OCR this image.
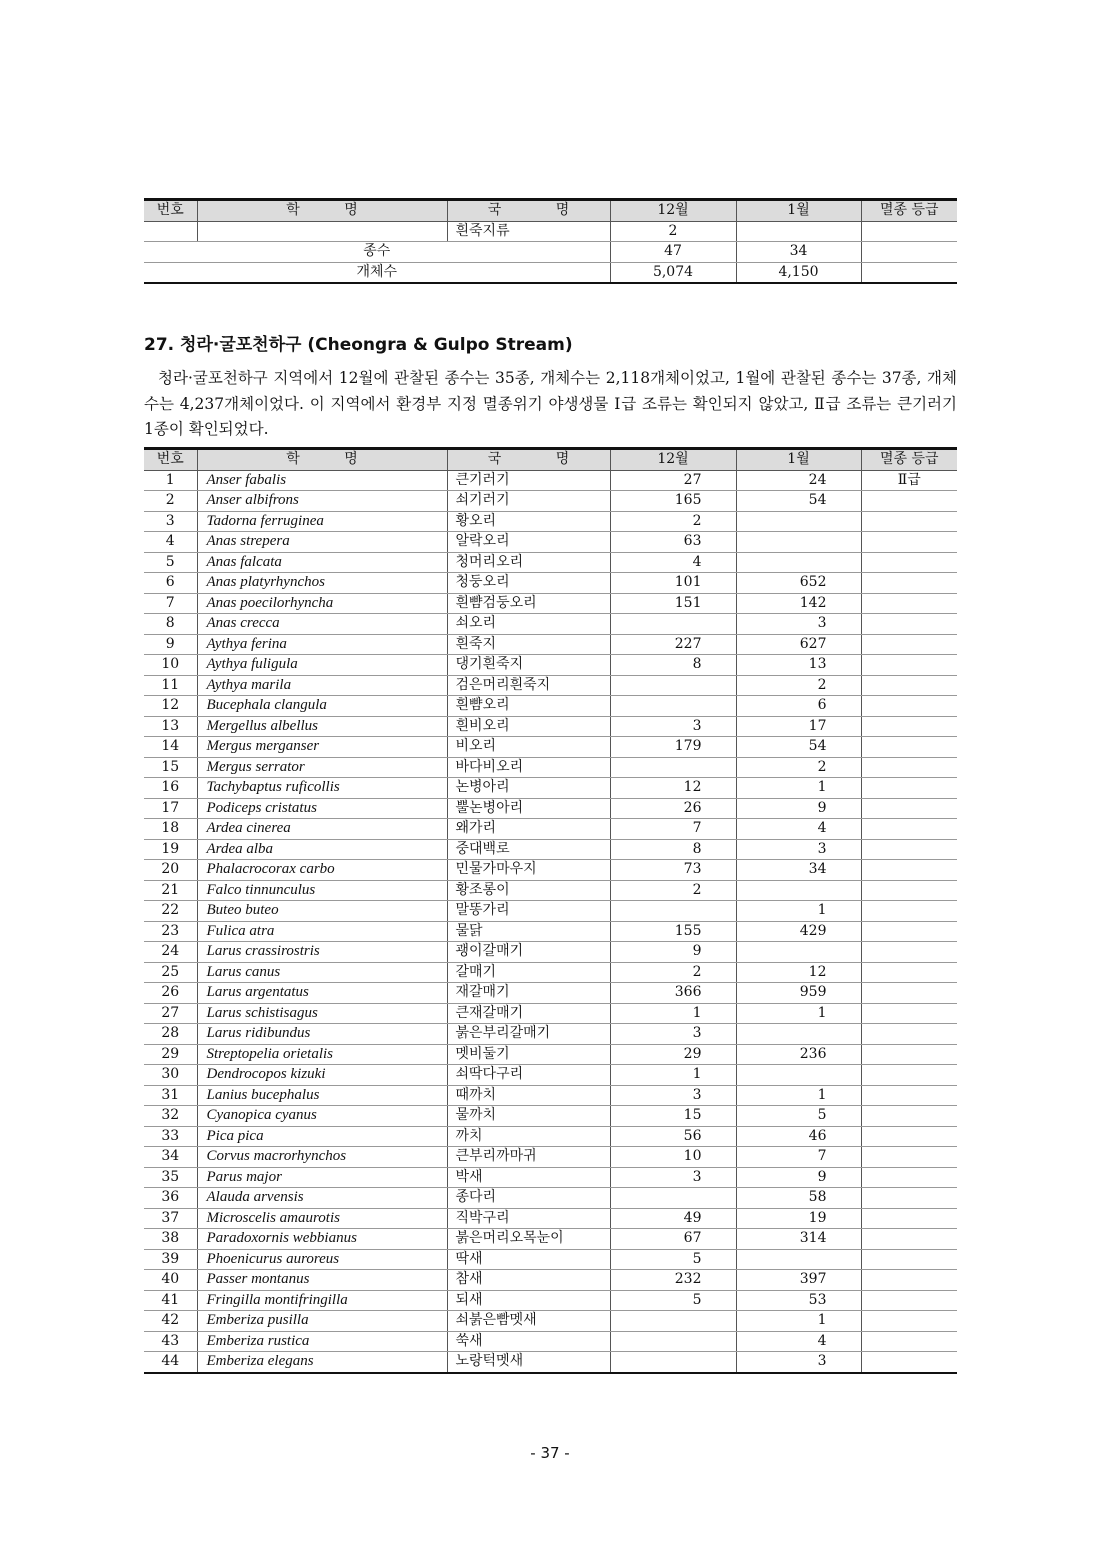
번호	학 명	국 명	12월	1월	멸종 등급
		흰죽지류	2		
종수			47	34	
개체수			5,074	4,150	
27. 청라·굴포천하구 (Cheongra & Gulpo Stream)
청라·굴포천하구 지역에서 12월에 관찰된 종수는 35종, 개체수는 2,118개체이었고, 1월에 관찰된 종수는 37종, 개체수는 4,237개체이었다. 이 지역에서 환경부 지정 멸종위기 야생생물 Ⅰ급 조류는 확인되지 않았고, Ⅱ급 조류는 큰기러기 1종이 확인되었다.
번호	학 명	국 명	12월	1월	멸종 등급
1	Anser fabalis	큰기러기	27	24	Ⅱ급
2	Anser albifrons	쇠기러기	165	54	
3	Tadorna ferruginea	황오리	2		
4	Anas strepera	알락오리	63		
5	Anas falcata	청머리오리	4		
6	Anas platyrhynchos	청둥오리	101	652	
7	Anas poecilorhyncha	흰뺨검둥오리	151	142	
8	Anas crecca	쇠오리		3	
9	Aythya ferina	흰죽지	227	627	
10	Aythya fuligula	댕기흰죽지	8	13	
11	Aythya marila	검은머리흰죽지		2	
12	Bucephala clangula	흰뺨오리		6	
13	Mergellus albellus	흰비오리	3	17	
14	Mergus merganser	비오리	179	54	
15	Mergus serrator	바다비오리		2	
16	Tachybaptus ruficollis	논병아리	12	1	
17	Podiceps cristatus	뿔논병아리	26	9	
18	Ardea cinerea	왜가리	7	4	
19	Ardea alba	중대백로	8	3	
20	Phalacrocorax carbo	민물가마우지	73	34	
21	Falco tinnunculus	황조롱이	2		
22	Buteo buteo	말똥가리		1	
23	Fulica atra	물닭	155	429	
24	Larus crassirostris	괭이갈매기	9		
25	Larus canus	갈매기	2	12	
26	Larus argentatus	재갈매기	366	959	
27	Larus schistisagus	큰재갈매기	1	1	
28	Larus ridibundus	붉은부리갈매기	3		
29	Streptopelia orietalis	멧비둘기	29	236	
30	Dendrocopos kizuki	쇠딱다구리	1		
31	Lanius bucephalus	때까치	3	1	
32	Cyanopica cyanus	물까치	15	5	
33	Pica pica	까치	56	46	
34	Corvus macrorhynchos	큰부리까마귀	10	7	
35	Parus major	박새	3	9	
36	Alauda arvensis	종다리		58	
37	Microscelis amaurotis	직박구리	49	19	
38	Paradoxornis webbianus	붉은머리오목눈이	67	314	
39	Phoenicurus auroreus	딱새	5		
40	Passer montanus	참새	232	397	
41	Fringilla montifringilla	되새	5	53	
42	Emberiza pusilla	쇠붉은빰멧새		1	
43	Emberiza rustica	쑥새		4	
44	Emberiza elegans	노랑턱멧새		3	
- 37 -
